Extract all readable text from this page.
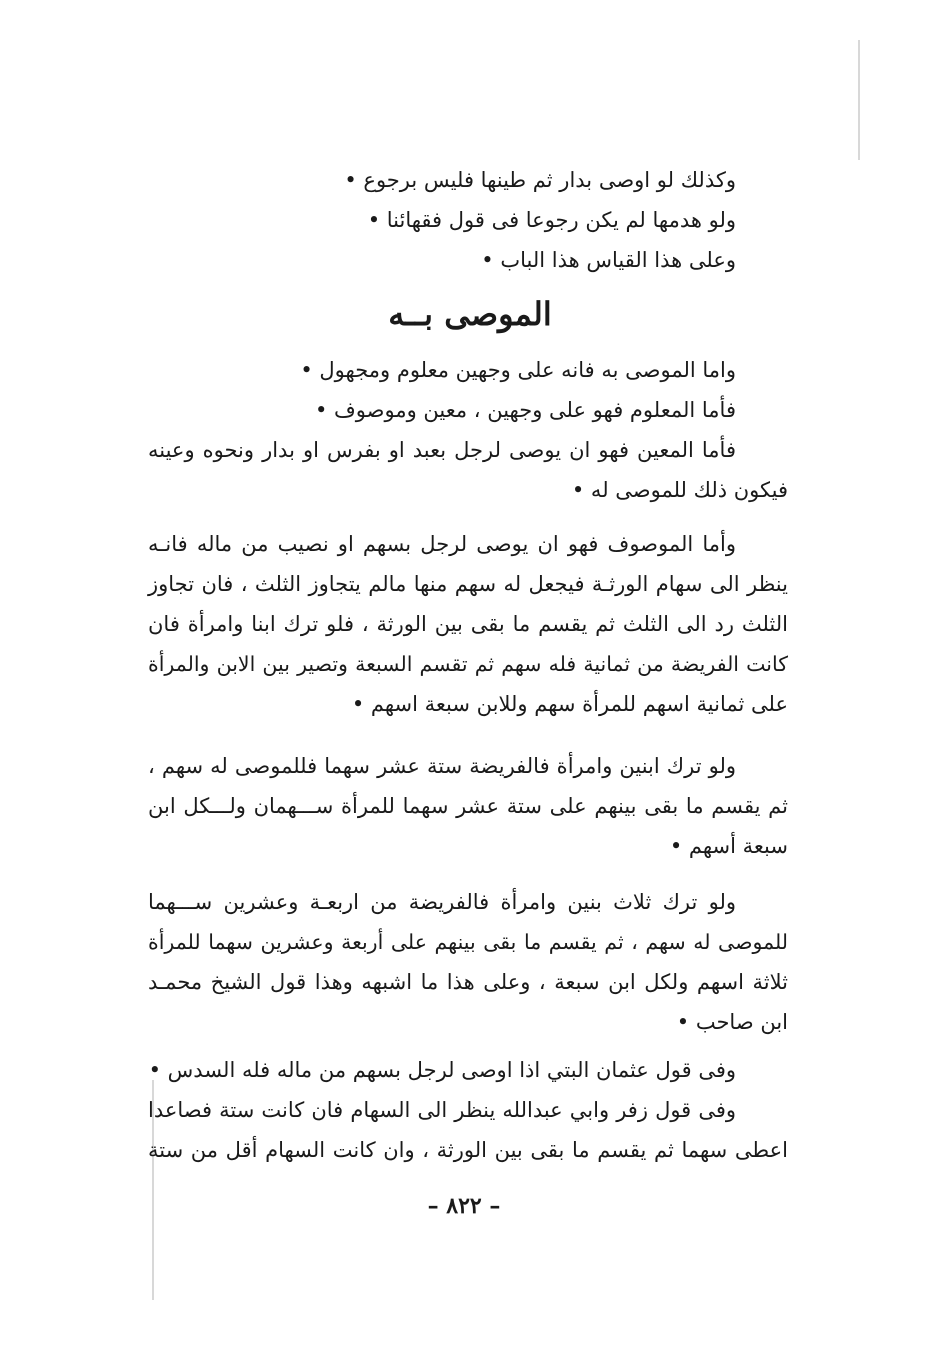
وكذلك لو اوصى بدار ثم طينها فليس برجوع •
ولو هدمها لم يكن رجوعا فى قول فقهائنا •
وعلى هذا القياس هذا الباب •
الموصى بــه
واما الموصى به فانه على وجهين معلوم ومجهول •
فأما المعلوم فهو على وجهين ، معين وموصوف •
فأما المعين فهو ان يوصى لرجل بعبد او بفرس او بدار ونحوه وعينه
فيكون ذلك للموصى له •
وأما الموصوف فهو ان يوصى لرجل بسهم او نصيب من ماله فانـه
ينظر الى سهام الورثـة فيجعل له سهم منها مالم يتجاوز الثلث ، فان تجاوز
الثلث رد الى الثلث ثم يقسم ما بقى بين الورثة ، فلو ترك ابنا وامرأة فان
كانت الفريضة من ثمانية فله سهم ثم تقسم السبعة وتصير بين الابن والمرأة
على ثمانية اسهم للمرأة سهم وللابن سبعة اسهم •
ولو ترك ابنين وامرأة فالفريضة ستة عشر سهما فللموصى له سهم ،
ثم يقسم ما بقى بينهم على ستة عشر سهما للمرأة ســـهمان ولـــكل ابن
سبعة أسهم •
ولو ترك ثلاث بنين وامرأة فالفريضة من اربعـة وعشرين ســـهما
للموصى له سهم ، ثم يقسم ما بقى بينهم على أربعة وعشرين سهما للمرأة
ثلاثة اسهم ولكل ابن سبعة ، وعلى هذا ما اشبهه وهذا قول الشيخ محمـد
ابن صاحب •
وفى قول عثمان البتي اذا اوصى لرجل بسهم من ماله فله السدس •
وفى قول زفر وابي عبدالله ينظر الى السهام فان كانت ستة فصاعدا
اعطى سهما ثم يقسم ما بقى بين الورثة ، وان كانت السهام أقل من ستة
– ٨٢٢ –
